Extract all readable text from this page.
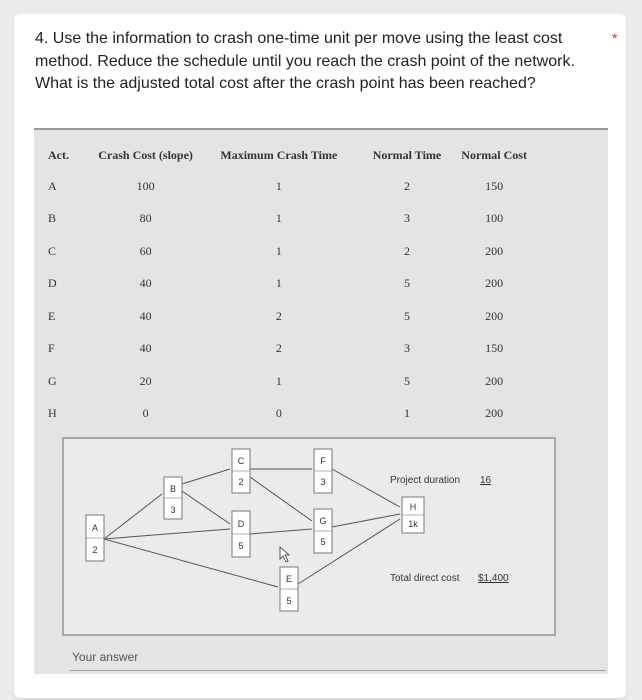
*
4. Use the information to crash one-time unit per move using the least cost method. Reduce the schedule until you reach the crash point of the network. What is the adjusted total cost after the crash point has been reached?
Act.	Crash Cost (slope)	Maximum Crash Time	Normal Time	Normal Cost
A	100	1	2	150
B	80	1	3	100
C	60	1	2	200
D	40	1	5	200
E	40	2	5	200
F	40	2	3	150
G	20	1	5	200
H	0	0	1	200
A
2
B
3
C
2
D
5
E
5
F
3
G
5
H
1k
Project duration 16
Total direct cost $1,400
Your answer
